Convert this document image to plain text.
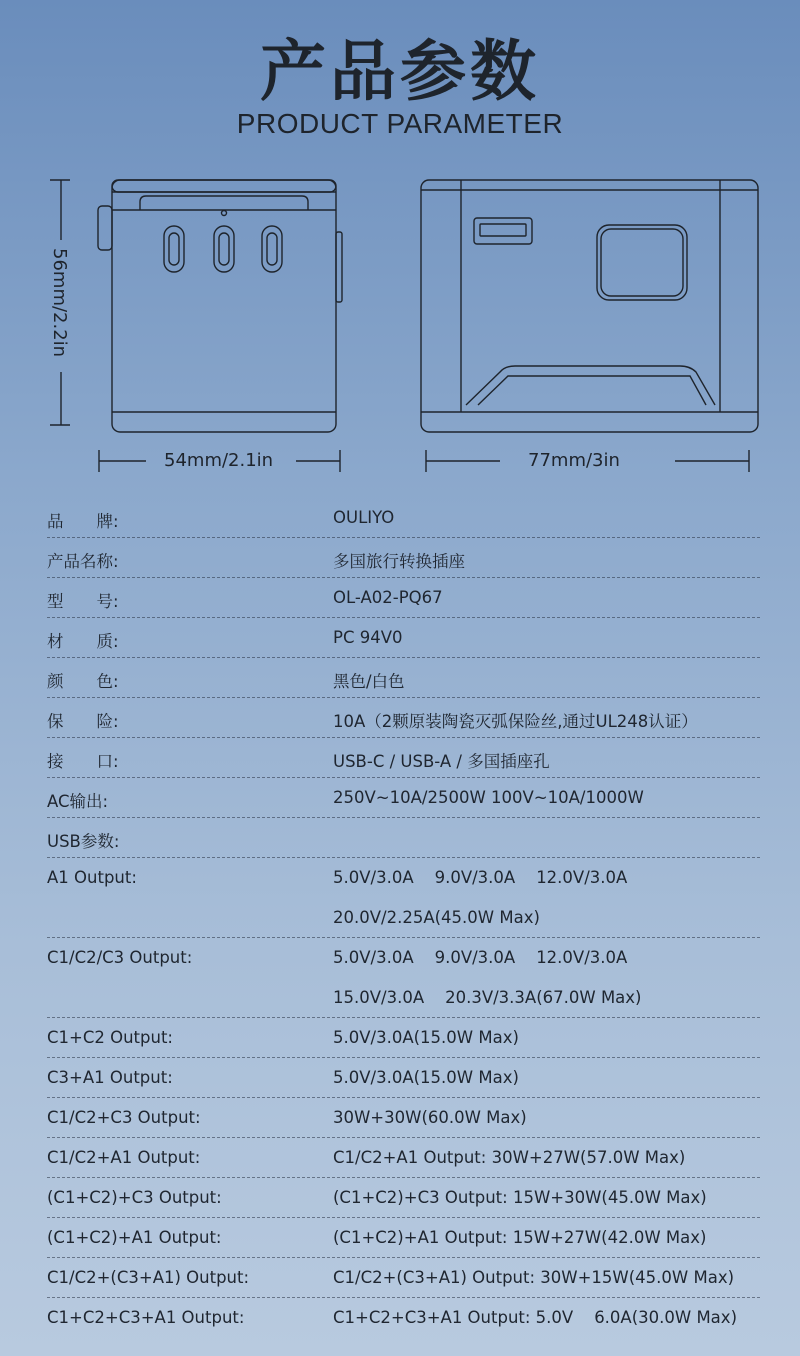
产品参数
PRODUCT PARAMETER
56mm/2.2in
54mm/2.1in	77mm/3in
品　　牌:	OULIYO
产品名称:	多国旅行转换插座
型　　号:	OL-A02-PQ67
材　　质:	PC 94V0
颜　　色:	黑色/白色
保　　险:	10A（2颗原装陶瓷灭弧保险丝,通过UL248认证）
接　　口:	USB-C / USB-A / 多国插座孔
AC输出:	250V~10A/2500W 100V~10A/1000W
USB参数:
A1 Output:	5.0V/3.0A    9.0V/3.0A    12.0V/3.0A
20.0V/2.25A(45.0W Max)
C1/C2/C3 Output:	5.0V/3.0A    9.0V/3.0A    12.0V/3.0A
15.0V/3.0A    20.3V/3.3A(67.0W Max)
C1+C2 Output:	5.0V/3.0A(15.0W Max)
C3+A1 Output:	5.0V/3.0A(15.0W Max)
C1/C2+C3 Output:	30W+30W(60.0W Max)
C1/C2+A1 Output:	C1/C2+A1 Output: 30W+27W(57.0W Max)
(C1+C2)+C3 Output:	(C1+C2)+C3 Output: 15W+30W(45.0W Max)
(C1+C2)+A1 Output:	(C1+C2)+A1 Output: 15W+27W(42.0W Max)
C1/C2+(C3+A1) Output:	C1/C2+(C3+A1) Output: 30W+15W(45.0W Max)
C1+C2+C3+A1 Output:	C1+C2+C3+A1 Output: 5.0V    6.0A(30.0W Max)
